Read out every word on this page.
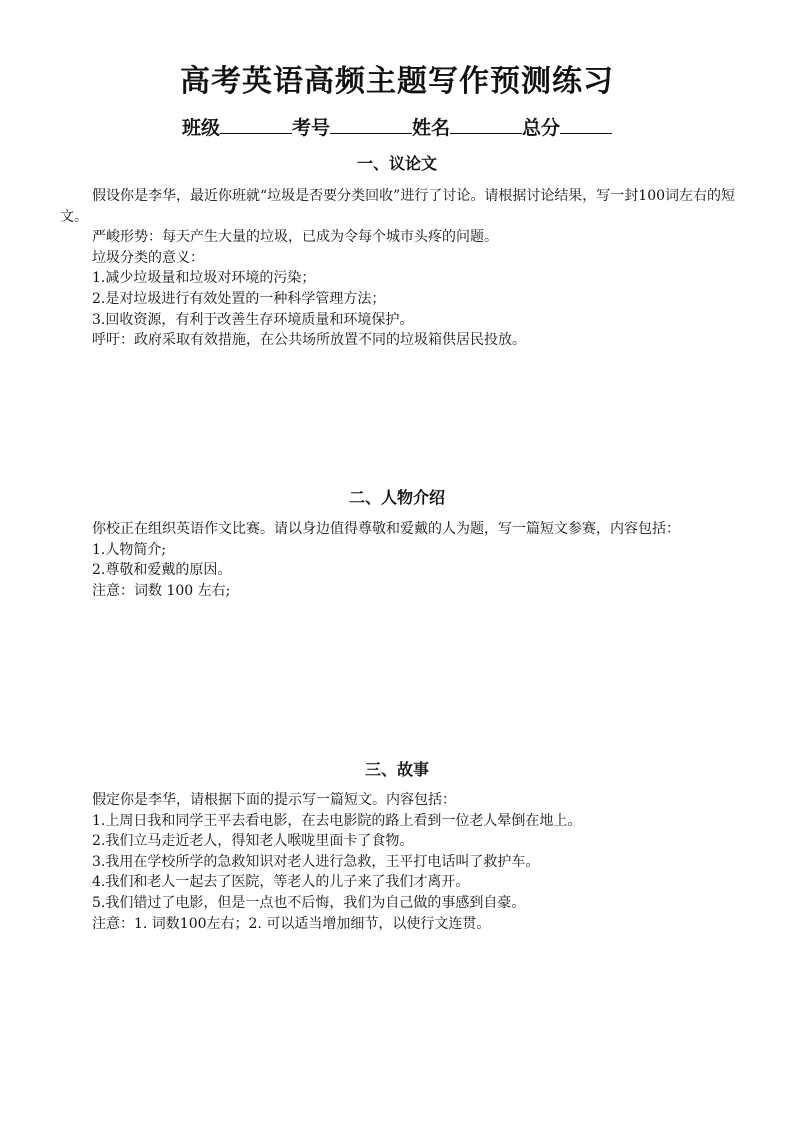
高考英语高频主题写作预测练习
班级	考号	姓名	总分
一、议论文

假设你是李华，最近你班就“垃圾是否要分类回收”进行了讨论。请根据讨论结果，写一封100词左右的短文。

严峻形势：每天产生大量的垃圾，已成为令每个城市头疼的问题。

垃圾分类的意义：

1.减少垃圾量和垃圾对环境的污染；

2.是对垃圾进行有效处置的一种科学管理方法；

3.回收资源，有利于改善生存环境质量和环境保护。

呼吁：政府采取有效措施，在公共场所放置不同的垃圾箱供居民投放。

二、人物介绍

你校正在组织英语作文比赛。请以身边值得尊敬和爱戴的人为题，写一篇短文参赛，内容包括：

1.人物简介;

2.尊敬和爱戴的原因。

注意：词数 100 左右;

三、故事

假定你是李华，请根据下面的提示写一篇短文。内容包括：

1.上周日我和同学王平去看电影，在去电影院的路上看到一位老人晕倒在地上。

2.我们立马走近老人，得知老人喉咙里面卡了食物。

3.我用在学校所学的急救知识对老人进行急救，王平打电话叫了救护车。

4.我们和老人一起去了医院，等老人的儿子来了我们才离开。

5.我们错过了电影，但是一点也不后悔，我们为自己做的事感到自豪。

注意：1. 词数100左右；2. 可以适当增加细节，以使行文连贯。
